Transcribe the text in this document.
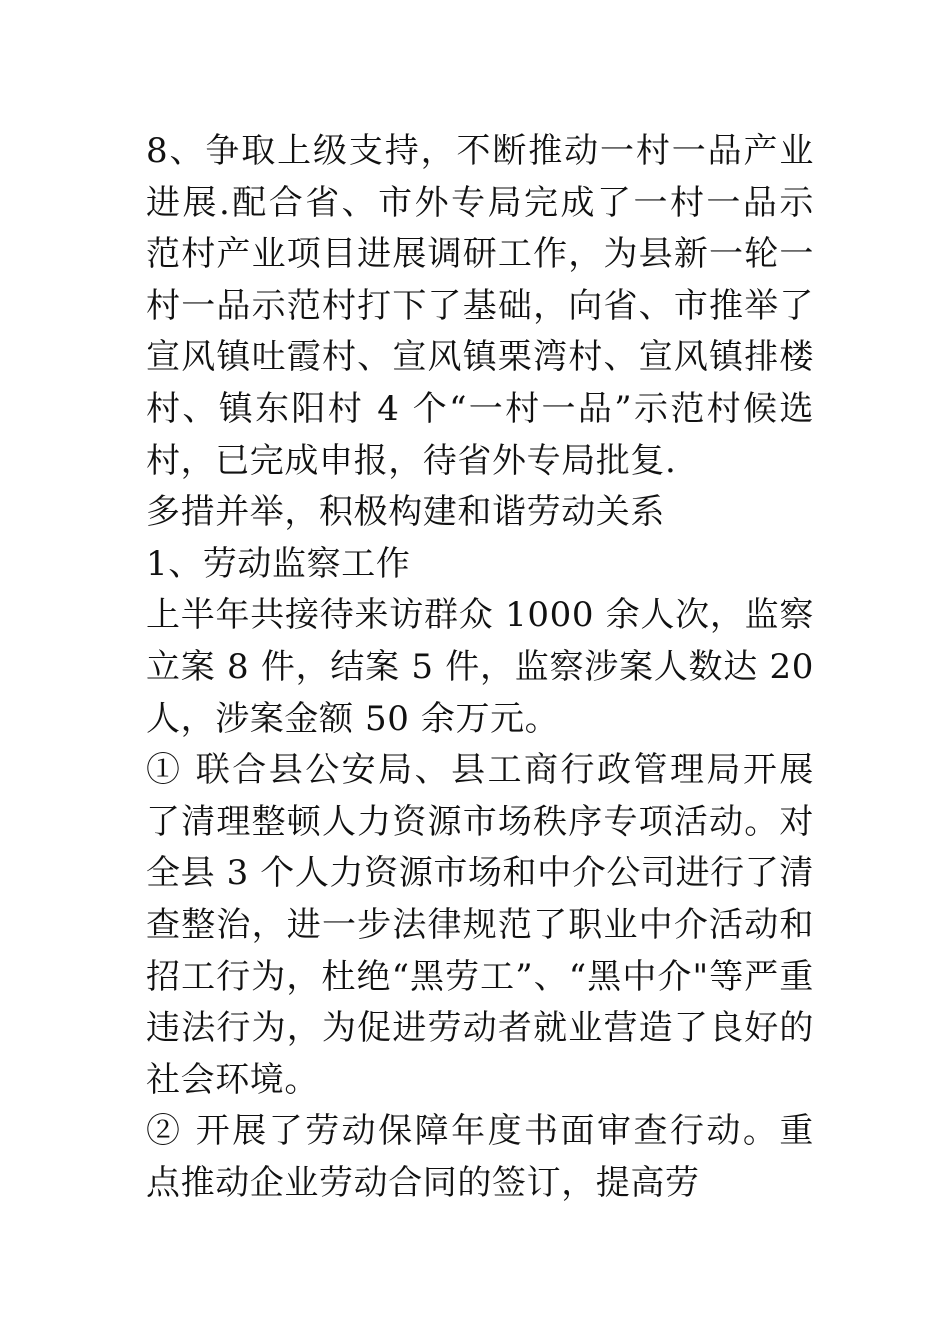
8、争取上级支持，不断推动一村一品产业进展.配合省、市外专局完成了一村一品示范村产业项目进展调研工作，为县新一轮一村一品示范村打下了基础，向省、市推举了宣风镇吐霞村、宣风镇栗湾村、宣风镇排楼村、镇东阳村 4 个“一村一品”示范村候选村，已完成申报，待省外专局批复.

多措并举，积极构建和谐劳动关系

1、劳动监察工作

上半年共接待来访群众 1000 余人次，监察立案 8 件，结案 5 件，监察涉案人数达 20 人，涉案金额 50 余万元。

① 联合县公安局、县工商行政管理局开展了清理整顿人力资源市场秩序专项活动。对全县 3 个人力资源市场和中介公司进行了清查整治，进一步法律规范了职业中介活动和招工行为，杜绝“黑劳工”、“黑中介"等严重违法行为，为促进劳动者就业营造了良好的社会环境。

② 开展了劳动保障年度书面审查行动。重点推动企业劳动合同的签订，提高劳
